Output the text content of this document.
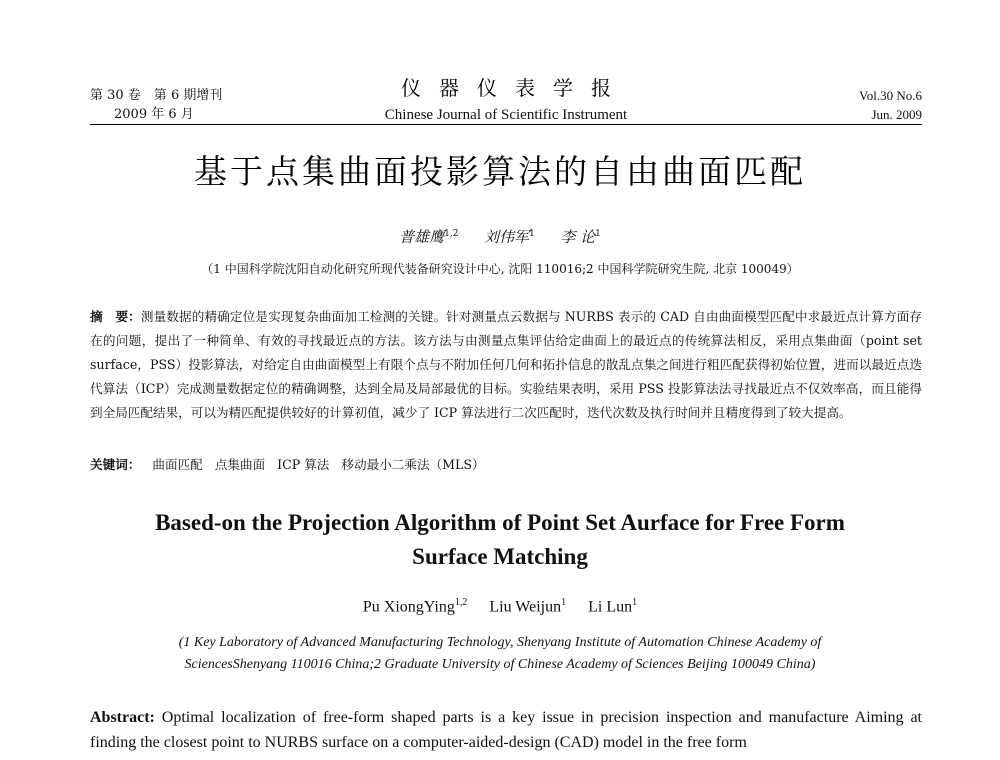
第 30 卷　第 6 期增刊	仪器仪表学报	Vol.30 No.6
2009 年 6 月	Chinese Journal of Scientific Instrument	Jun. 2009
基于点集曲面投影算法的自由曲面匹配
普雄鹰$^{1,2}$ 刘伟军$^1$ 李 论$^1$
（1 中国科学院沈阳自动化研究所现代装备研究设计中心, 沈阳 110016;2 中国科学院研究生院, 北京 100049）
摘　要：测量数据的精确定位是实现复杂曲面加工检测的关键。针对测量点云数据与 NURBS 表示的 CAD 自由曲面模型匹配中求最近点计算方面存在的问题，提出了一种简单、有效的寻找最近点的方法。该方法与由测量点集评估给定曲面上的最近点的传统算法相反，采用点集曲面（point set surface，PSS）投影算法，对给定自由曲面模型上有限个点与不附加任何几何和拓扑信息的散乱点集之间进行粗匹配获得初始位置，进而以最近点迭代算法（ICP）完成测量数据定位的精确调整，达到全局及局部最优的目标。实验结果表明，采用 PSS 投影算法法寻找最近点不仅效率高，而且能得到全局匹配结果，可以为精匹配提供较好的计算初值，减少了 ICP 算法进行二次匹配时，迭代次数及执行时间并且精度得到了较大提高。
关键词： 曲面匹配 点集曲面 ICP 算法 移动最小二乘法（MLS）
Based-on the Projection Algorithm of Point Set Aurface for Free Form
Surface Matching
Pu XiongYing$^{1,2}$ Liu Weijun$^1$ Li Lun$^1$
(1 Key Laboratory of Advanced Manufacturing Technology, Shenyang Institute of Automation Chinese Academy of SciencesShenyang 110016 China;2 Graduate University of Chinese Academy of Sciences Beijing 100049 China)
Abstract: Optimal localization of free-form shaped parts is a key issue in precision inspection and manufacture Aiming at finding the closest point to NURBS surface on a computer-aided-design (CAD) model in the free form
